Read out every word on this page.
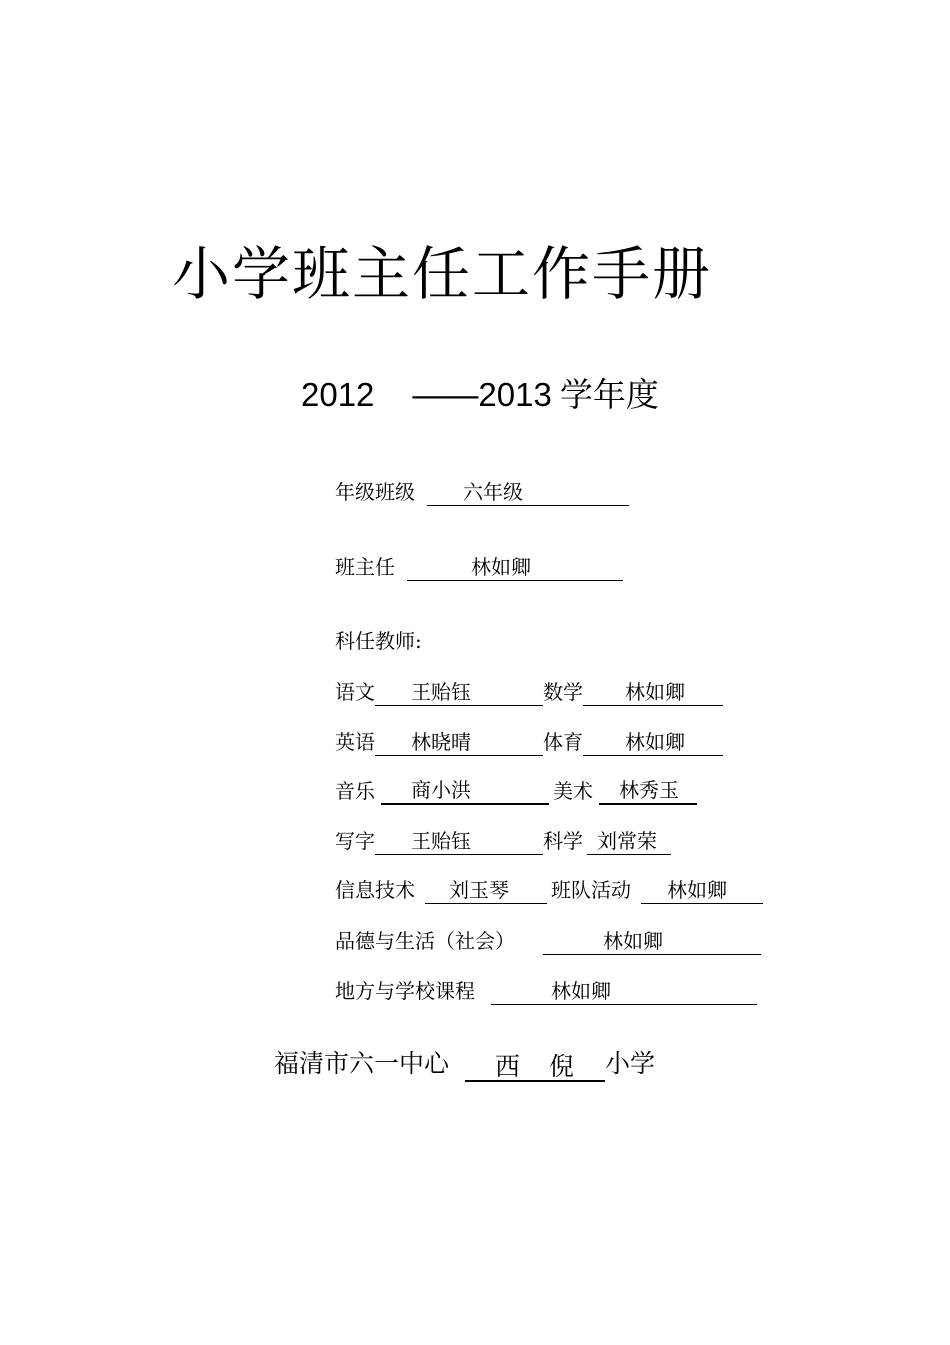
小学班主任工作手册
2012 ——2013 学年度
年级班级 六年级
班主任	林如卿
科任教师:
语文 王贻钰	数学 林如卿
英语 林晓晴	体育 林如卿
音乐 商小洪	美术 林秀玉
写字 王贻钰	科学 刘常荣
信息技术 刘玉琴 班队活动 林如卿
品德与生活（社会）	林如卿
地方与学校课程	林如卿
福清市六一中心 西 倪 小学
